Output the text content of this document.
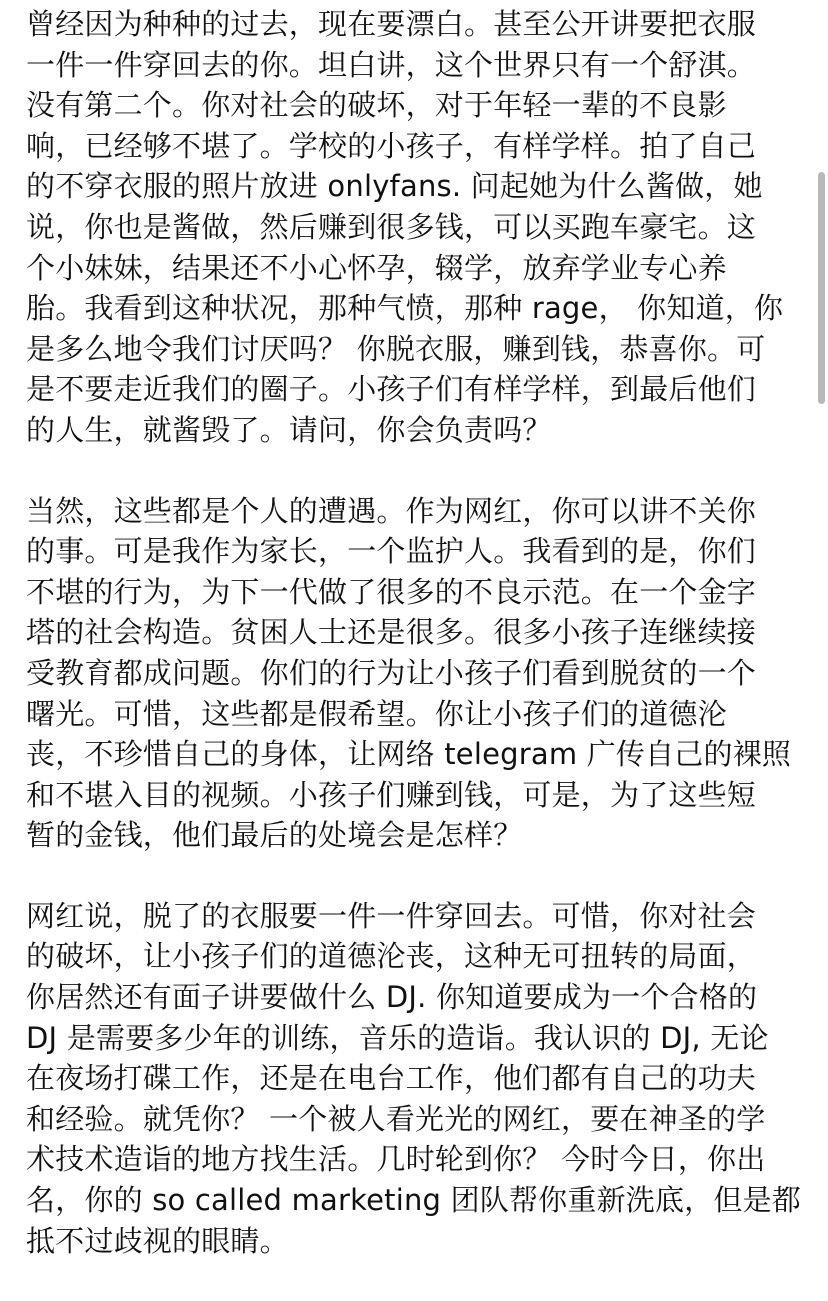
曾经因为种种的过去，现在要漂白。甚至公开讲要把衣服
一件一件穿回去的你。坦白讲，这个世界只有一个舒淇。
没有第二个。你对社会的破坏，对于年轻一辈的不良影
响，已经够不堪了。学校的小孩子，有样学样。拍了自己
的不穿衣服的照片放进 onlyfans. 问起她为什么酱做，她
说，你也是酱做，然后赚到很多钱，可以买跑车豪宅。这
个小妹妹，结果还不小心怀孕，辍学，放弃学业专心养
胎。我看到这种状况，那种气愤，那种 rage， 你知道，你
是多么地令我们讨厌吗？ 你脱衣服，赚到钱，恭喜你。可
是不要走近我们的圈子。小孩子们有样学样，到最后他们
的人生，就酱毁了。请问，你会负责吗？
当然，这些都是个人的遭遇。作为网红，你可以讲不关你
的事。可是我作为家长，一个监护人。我看到的是，你们
不堪的行为，为下一代做了很多的不良示范。在一个金字
塔的社会构造。贫困人士还是很多。很多小孩子连继续接
受教育都成问题。你们的行为让小孩子们看到脱贫的一个
曙光。可惜，这些都是假希望。你让小孩子们的道德沦
丧，不珍惜自己的身体，让网络 telegram 广传自己的裸照
和不堪入目的视频。小孩子们赚到钱，可是，为了这些短
暂的金钱，他们最后的处境会是怎样？
网红说，脱了的衣服要一件一件穿回去。可惜，你对社会
的破坏，让小孩子们的道德沦丧，这种无可扭转的局面，
你居然还有面子讲要做什么 DJ. 你知道要成为一个合格的
DJ 是需要多少年的训练，音乐的造诣。我认识的 DJ, 无论
在夜场打碟工作，还是在电台工作，他们都有自己的功夫
和经验。就凭你？ 一个被人看光光的网红，要在神圣的学
术技术造诣的地方找生活。几时轮到你？ 今时今日，你出
名，你的 so called marketing 团队帮你重新洗底，但是都
抵不过歧视的眼睛。
